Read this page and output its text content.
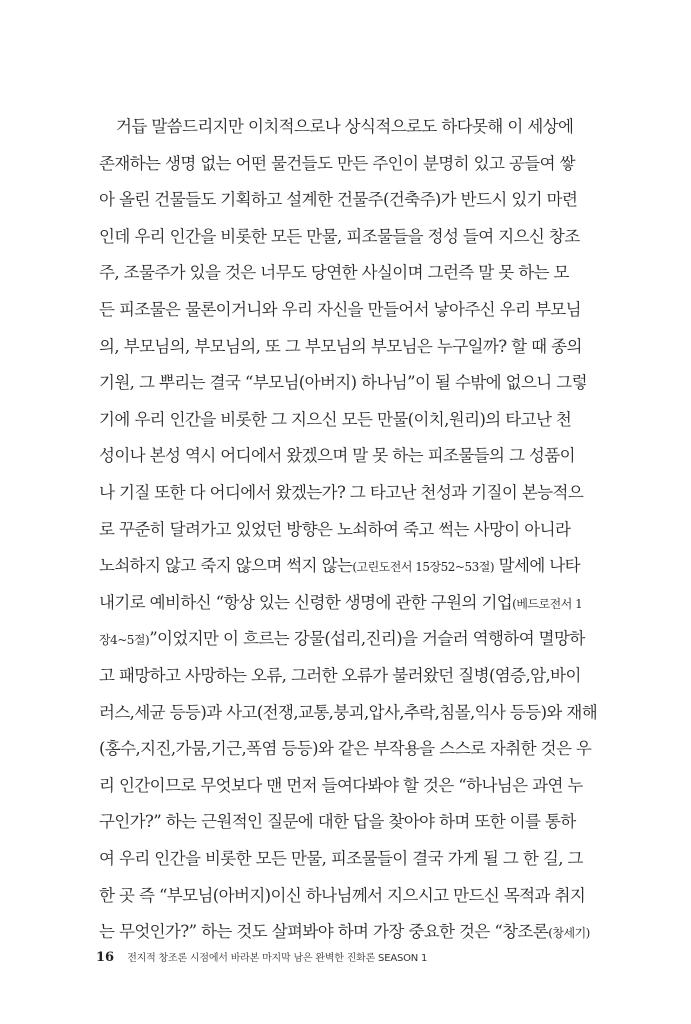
거듭 말씀드리지만 이치적으로나 상식적으로도 하다못해 이 세상에
존재하는 생명 없는 어떤 물건들도 만든 주인이 분명히 있고 공들여 쌓
아 올린 건물들도 기획하고 설계한 건물주(건축주)가 반드시 있기 마련
인데 우리 인간을 비롯한 모든 만물, 피조물들을 정성 들여 지으신 창조
주, 조물주가 있을 것은 너무도 당연한 사실이며 그런즉 말 못 하는 모
든 피조물은 물론이거니와 우리 자신을 만들어서 낳아주신 우리 부모님
의, 부모님의, 부모님의, 또 그 부모님의 부모님은 누구일까? 할 때 종의
기원, 그 뿌리는 결국 “부모님(아버지) 하나님”이 될 수밖에 없으니 그렇
기에 우리 인간을 비롯한 그 지으신 모든 만물(이치,원리)의 타고난 천
성이나 본성 역시 어디에서 왔겠으며 말 못 하는 피조물들의 그 성품이
나 기질 또한 다 어디에서 왔겠는가? 그 타고난 천성과 기질이 본능적으
로 꾸준히 달려가고 있었던 방향은 노쇠하여 죽고 썩는 사망이 아니라
노쇠하지 않고 죽지 않으며 썩지 않는(고린도전서 15장52~53절) 말세에 나타
내기로 예비하신 “항상 있는 신령한 생명에 관한 구원의 기업(베드로전서 1
장4~5절)”이었지만 이 흐르는 강물(섭리,진리)을 거슬러 역행하여 멸망하
고 패망하고 사망하는 오류, 그러한 오류가 불러왔던 질병(염증,암,바이
러스,세균 등등)과 사고(전쟁,교통,붕괴,압사,추락,침몰,익사 등등)와 재해
(홍수,지진,가뭄,기근,폭염 등등)와 같은 부작용을 스스로 자취한 것은 우
리 인간이므로 무엇보다 맨 먼저 들여다봐야 할 것은 “하나님은 과연 누
구인가?” 하는 근원적인 질문에 대한 답을 찾아야 하며 또한 이를 통하
여 우리 인간을 비롯한 모든 만물, 피조물들이 결국 가게 될 그 한 길, 그
한 곳 즉 “부모님(아버지)이신 하나님께서 지으시고 만드신 목적과 취지
는 무엇인가?” 하는 것도 살펴봐야 하며 가장 중요한 것은 “창조론(창세기)
16 전지적 창조론 시점에서 바라본 마지막 남은 완벽한 진화론 SEASON 1
